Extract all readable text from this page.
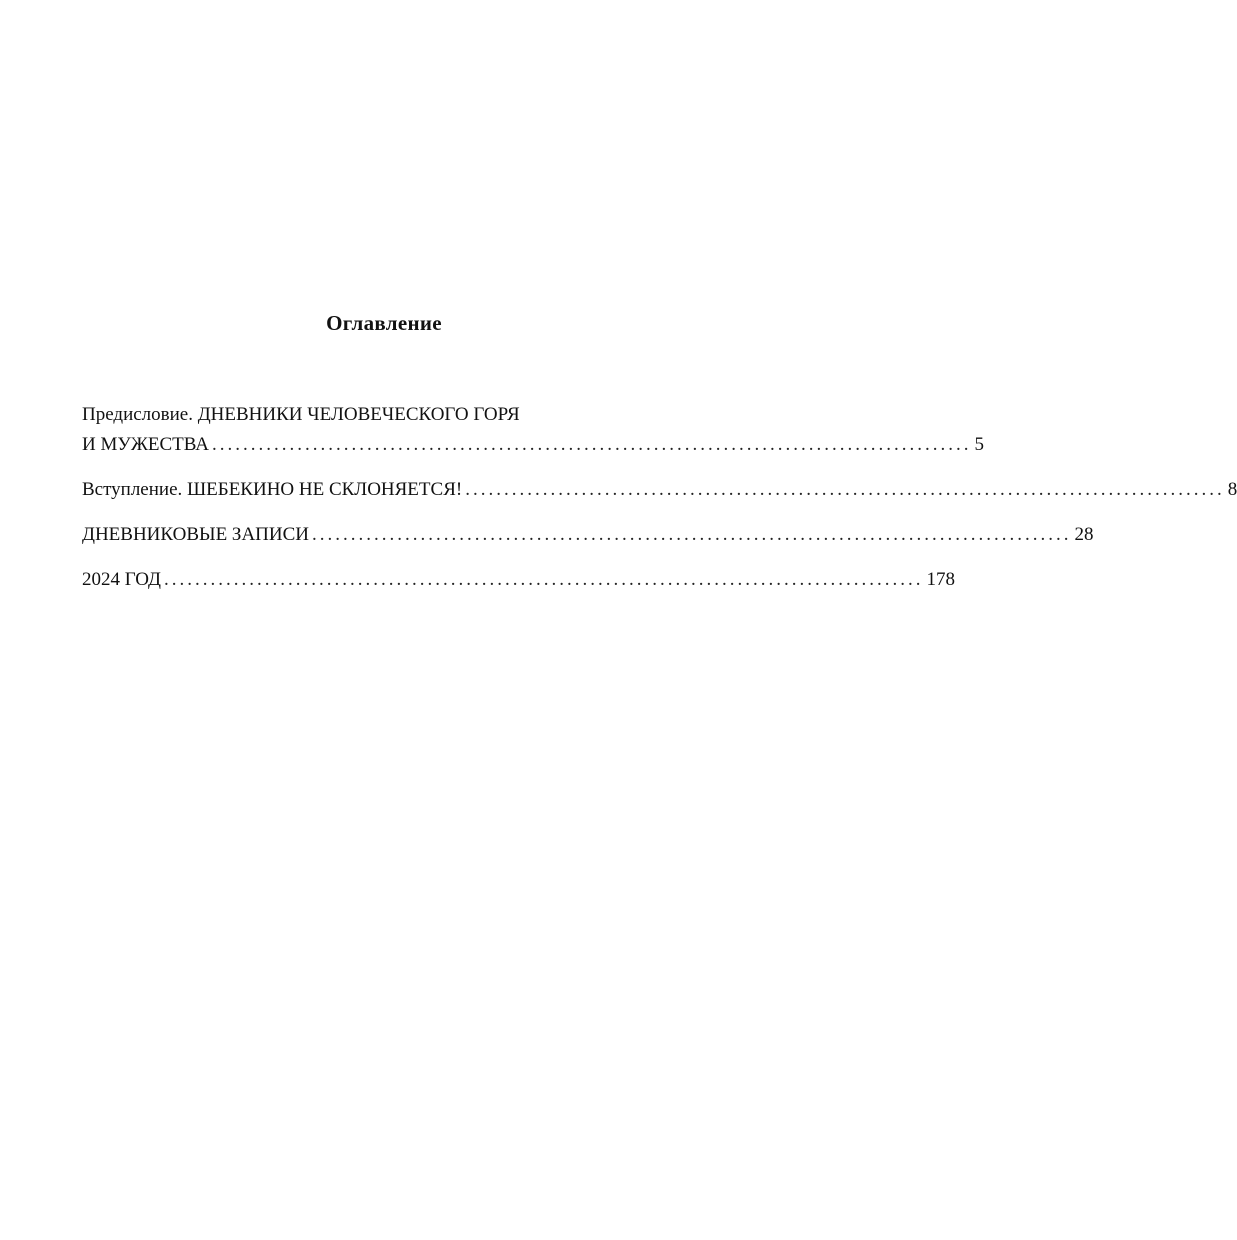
Оглавление
Предисловие. ДНЕВНИКИ ЧЕЛОВЕЧЕСКОГО ГОРЯ
И МУЖЕСТВА .................................................................................................. 5
Вступление. ШЕБЕКИНО НЕ СКЛОНЯЕТСЯ! .................................................................................................. 8
ДНЕВНИКОВЫЕ ЗАПИСИ .................................................................................................. 28
2024 ГОД .................................................................................................. 178
